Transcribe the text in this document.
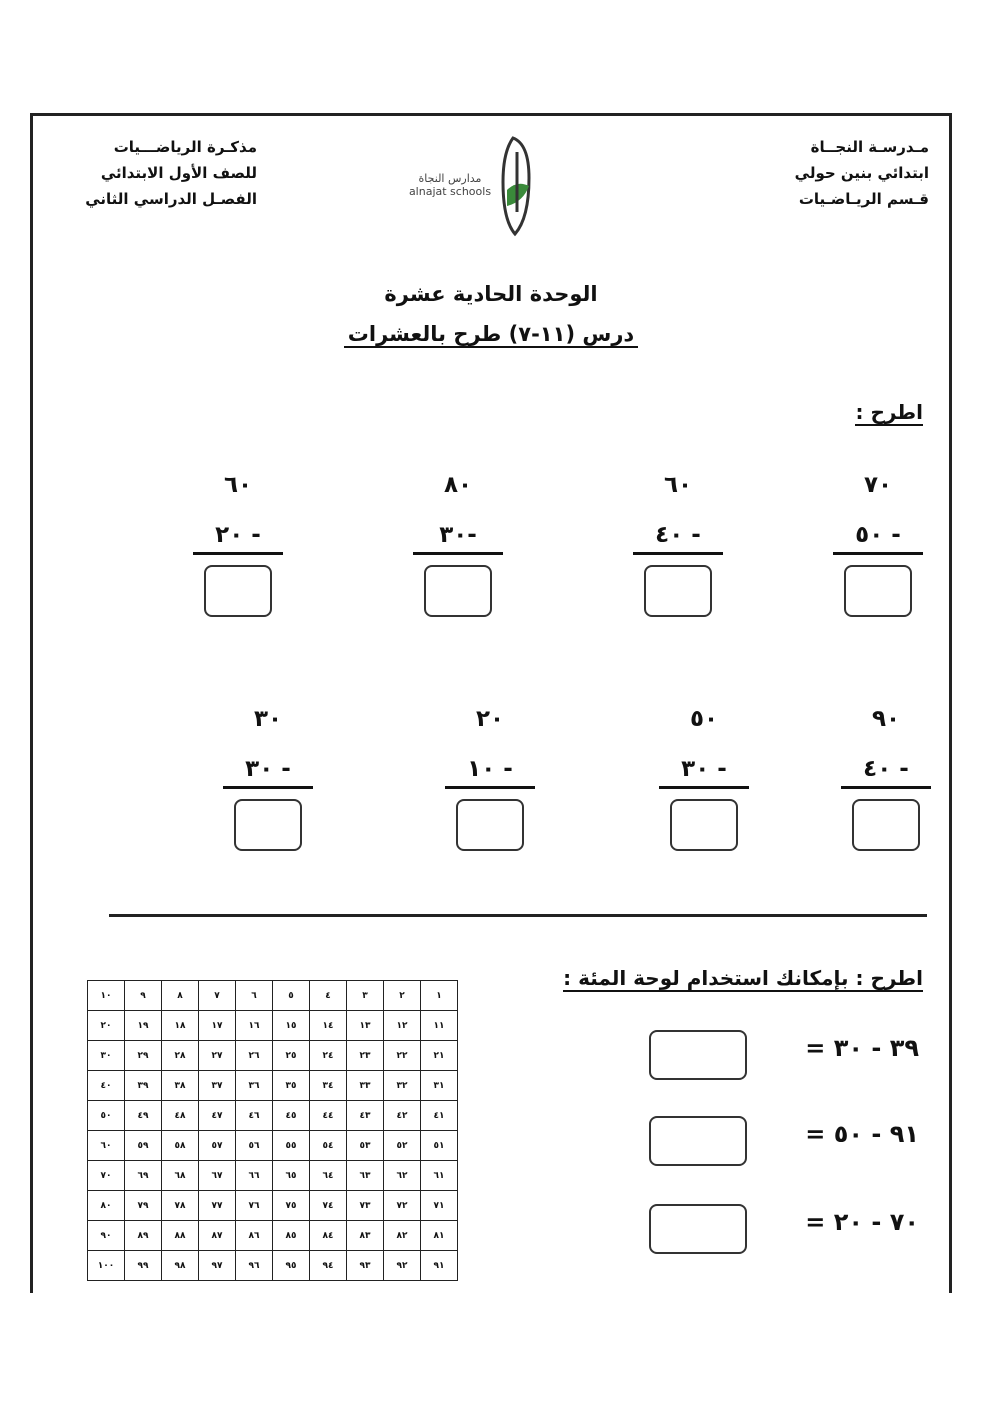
مـدرسـة النجــاة
ابتدائي بنين حولي
قـسم الريـاضـيات
مدارس النجاة
alnajat schools
مذكـرة الرياضـــيات
للصف الأول الابتدائي
الفصـل الدراسي الثاني
الوحدة الحادية عشرة
درس (١١-٧) طرح بالعشرات
اطرح :
٧٠
٥٠ -
٦٠
٤٠ -
٨٠
٣٠-
٦٠
٢٠ -
٩٠
٤٠ -
٥٠
٣٠ -
٢٠
١٠ -
٣٠
٣٠ -
اطرح : بإمكانك استخدام لوحة المئة :
١٠	٩	٨	٧	٦	٥	٤	٣	٢	١
٢٠	١٩	١٨	١٧	١٦	١٥	١٤	١٣	١٢	١١
٣٠	٢٩	٢٨	٢٧	٢٦	٢٥	٢٤	٢٣	٢٢	٢١
٤٠	٣٩	٣٨	٣٧	٣٦	٣٥	٣٤	٣٣	٣٢	٣١
٥٠	٤٩	٤٨	٤٧	٤٦	٤٥	٤٤	٤٣	٤٢	٤١
٦٠	٥٩	٥٨	٥٧	٥٦	٥٥	٥٤	٥٣	٥٢	٥١
٧٠	٦٩	٦٨	٦٧	٦٦	٦٥	٦٤	٦٣	٦٢	٦١
٨٠	٧٩	٧٨	٧٧	٧٦	٧٥	٧٤	٧٣	٧٢	٧١
٩٠	٨٩	٨٨	٨٧	٨٦	٨٥	٨٤	٨٣	٨٢	٨١
١٠٠	٩٩	٩٨	٩٧	٩٦	٩٥	٩٤	٩٣	٩٢	٩١
٣٩ - ٣٠ =
٩١ - ٥٠ =
٧٠ - ٢٠ =
